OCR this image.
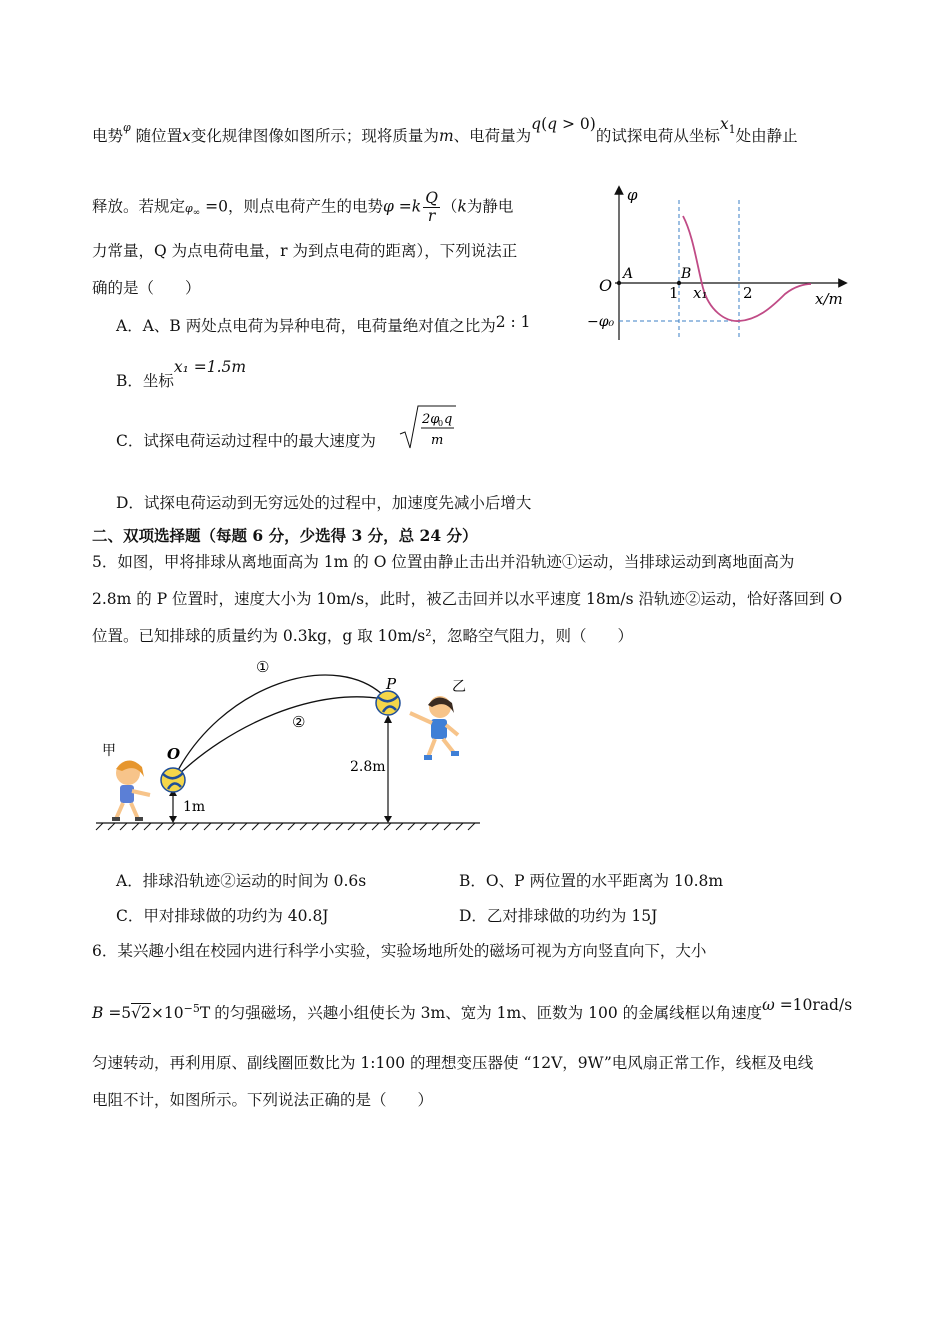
电势$^\varphi$ 随位置x变化规律图像如图所示；现将质量为m、电荷量为q(q > 0)的试探电荷从坐标$x_1$处由静止
释放。若规定$\varphi_\infty =0$，则点电荷产生的电势$\varphi =k \frac{Q}{r} (k$为静电
力常量，Q 为点电荷电量，r 为到点电荷的距离），下列说法正
确的是（　　）
A．A、B 两处点电荷为异种电荷，电荷量绝对值之比为2 : 1
B．坐标x₁ =1.5m
C．试探电荷运动过程中的最大速度为
2φ
0 q
m
D．试探电荷运动到无穷远处的过程中，加速度先减小后增大
φ
O
A	B
1 x₁ 2	x/m
−φ₀
二、双项选择题（每题 6 分，少选得 3 分，总 24 分）
5．如图，甲将排球从离地面高为 1m 的 O 位置由静止击出并沿轨迹①运动，当排球运动到离地面高为
2.8m 的 P 位置时，速度大小为 10m/s，此时，被乙击回并以水平速度 18m/s 沿轨迹②运动，恰好落回到 O
位置。已知排球的质量约为 0.3kg，g 取 10m/s²，忽略空气阻力，则（　　）
①
②
1m
2.8m
O
P
甲
乙
A．排球沿轨迹②运动的时间为 0.6s	B．O、P 两位置的水平距离为 10.8m
C．甲对排球做的功约为 40.8J	D．乙对排球做的功约为 15J
6．某兴趣小组在校园内进行科学小实验，实验场地所处的磁场可视为方向竖直向下，大小
$B =5√2\times 10^{-5}T$ 的匀强磁场，兴趣小组使长为 3m、宽为 1m、匝数为 100 的金属线框以角速度ω =10rad/s
匀速转动，再利用原、副线圈匝数比为 1:100 的理想变压器使 “12V，9W”电风扇正常工作，线框及电线
电阻不计，如图所示。下列说法正确的是（　　）
